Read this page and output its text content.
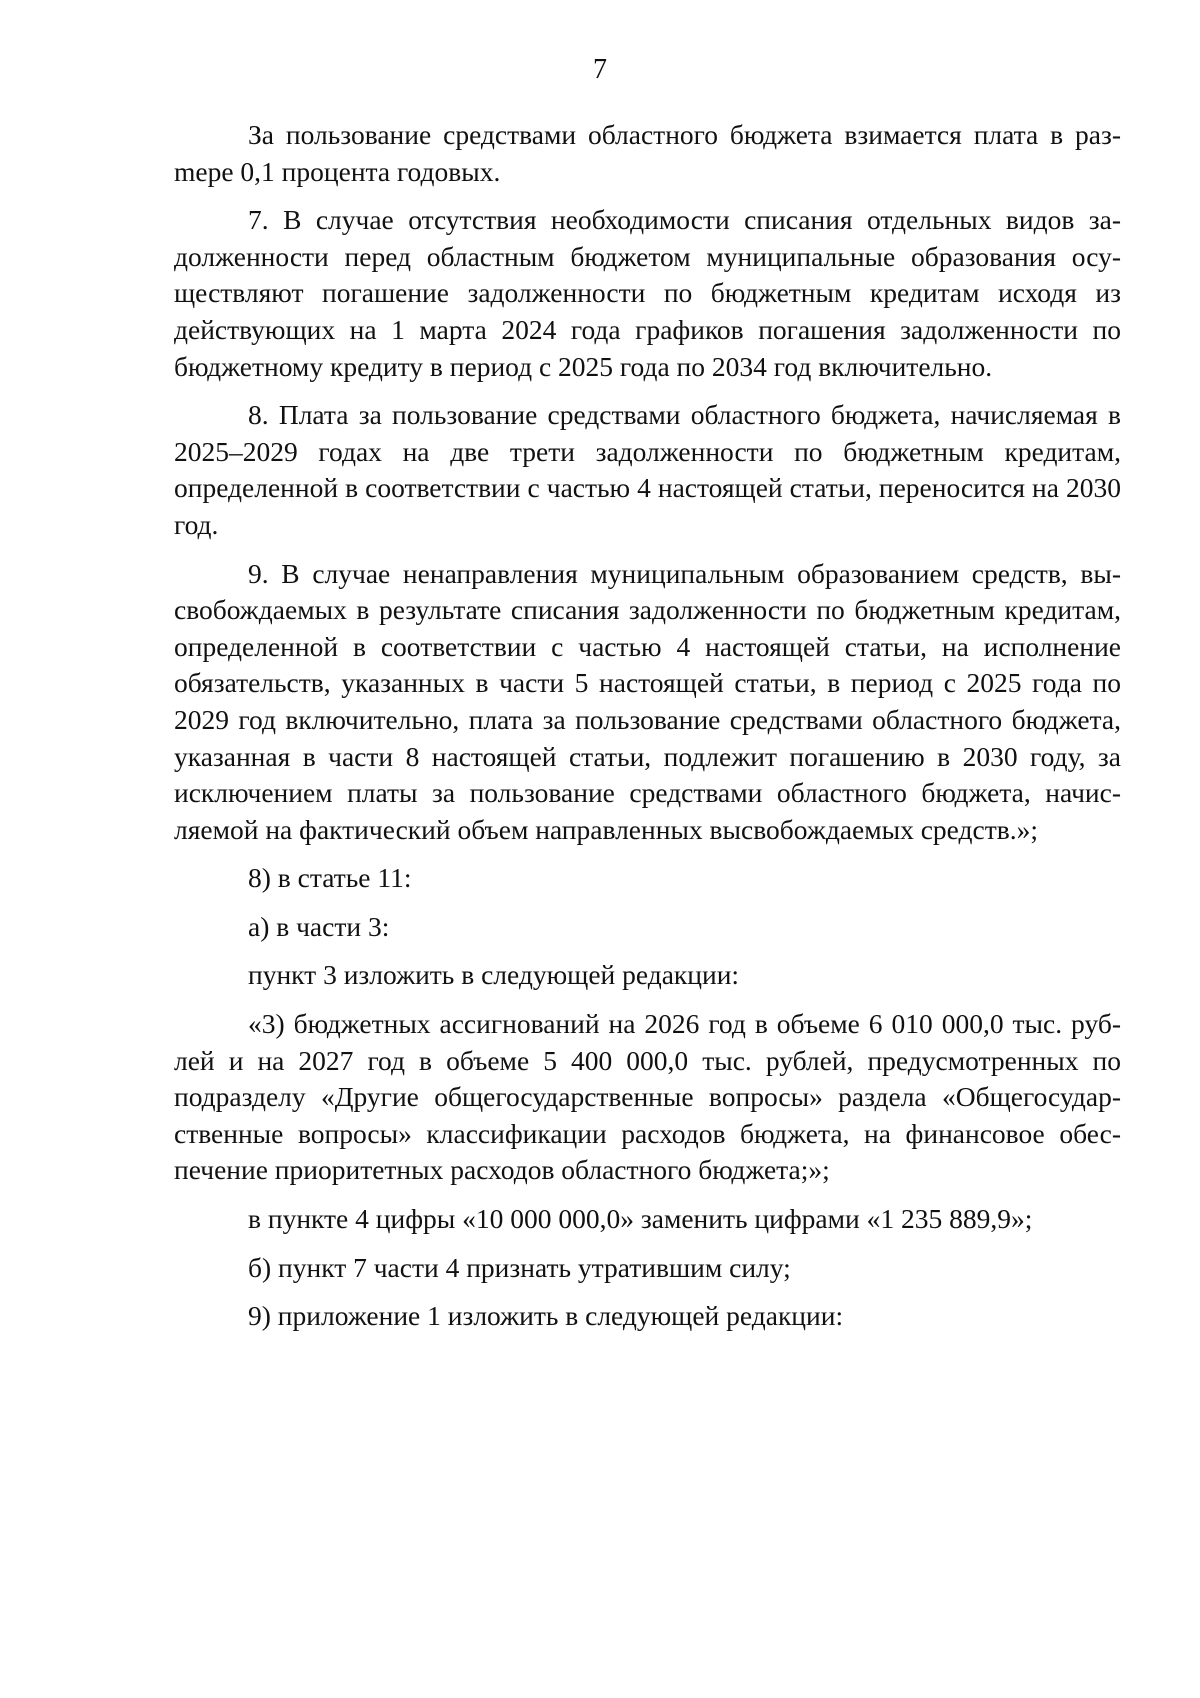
7

За пользование средствами областного бюджета взимается плата в разmере 0,1 процента годовых.

7. В случае отсутствия необходимости списания отдельных видов задолженности перед областным бюджетом муниципальные образования осуществляют погашение задолженности по бюджетным кредитам исходя из действующих на 1 марта 2024 года графиков погашения задолженности по бюджетному кредиту в период с 2025 года по 2034 год включительно.

8. Плата за пользование средствами областного бюджета, начисляемая в 2025–2029 годах на две трети задолженности по бюджетным кредитам, определенной в соответствии с частью 4 настоящей статьи, переносится на 2030 год.

9. В случае ненаправления муниципальным образованием средств, высвобождаемых в результате списания задолженности по бюджетным кредитам, определенной в соответствии с частью 4 настоящей статьи, на исполнение обязательств, указанных в части 5 настоящей статьи, в период с 2025 года по 2029 год включительно, плата за пользование средствами областного бюджета, указанная в части 8 настоящей статьи, подлежит погашению в 2030 году, за исключением платы за пользование средствами областного бюджета, начисляемой на фактический объем направленных высвобождаемых средств.»;

8) в статье 11:

а) в части 3:

пункт 3 изложить в следующей редакции:

«3) бюджетных ассигнований на 2026 год в объеме 6 010 000,0 тыс. рублей и на 2027 год в объеме 5 400 000,0 тыс. рублей, предусмотренных по подразделу «Другие общегосударственные вопросы» раздела «Общегосударственные вопросы» классификации расходов бюджета, на финансовое обеспечение приоритетных расходов областного бюджета;»;

в пункте 4 цифры «10 000 000,0» заменить цифрами «1 235 889,9»;

б) пункт 7 части 4 признать утратившим силу;

9) приложение 1 изложить в следующей редакции:
